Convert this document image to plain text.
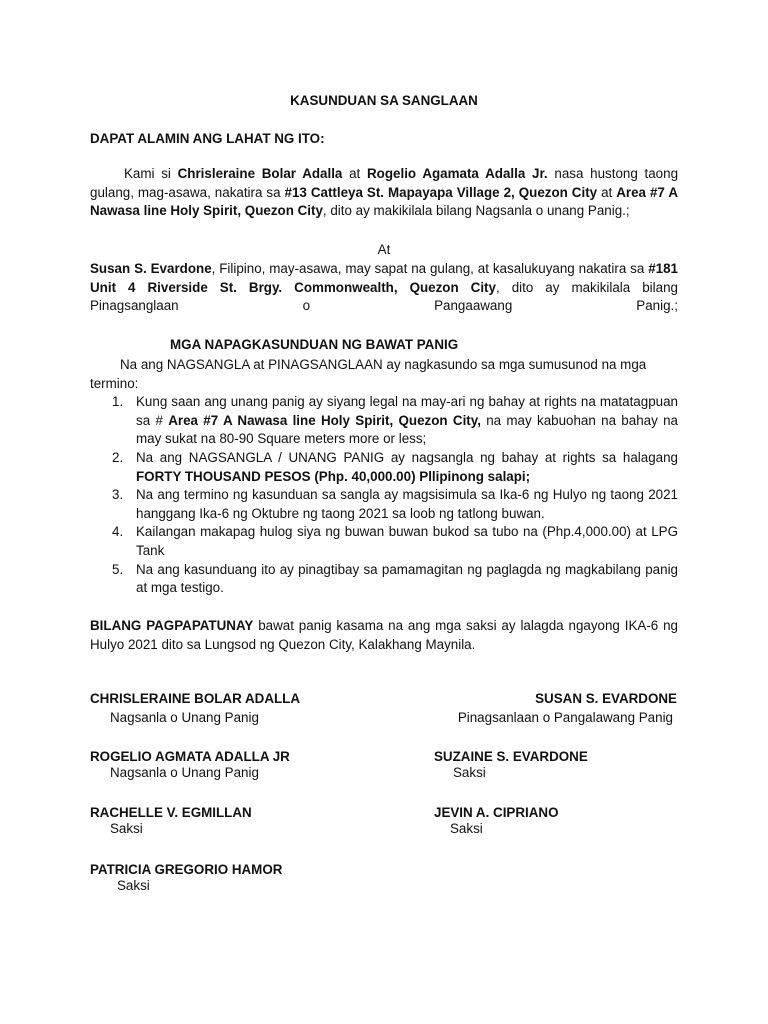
KASUNDUAN SA SANGLAAN
DAPAT ALAMIN ANG LAHAT NG ITO:
Kami si Chrisleraine Bolar Adalla at Rogelio Agamata Adalla Jr. nasa hustong taong gulang, mag-asawa, nakatira sa #13 Cattleya St. Mapayapa Village 2, Quezon City at Area #7 A Nawasa line Holy Spirit, Quezon City, dito ay makikilala bilang Nagsanla o unang Panig.;
At
Susan S. Evardone, Filipino, may-asawa, may sapat na gulang, at kasalukuyang nakatira sa #181 Unit 4 Riverside St. Brgy. Commonwealth, Quezon City, dito ay makikilala bilang Pinagsanglaan o Pangaawang Panig.;
MGA NAPAGKASUNDUAN NG BAWAT PANIG
Na ang NAGSANGLA at PINAGSANGLAAN ay nagkasundo sa mga sumusunod na mga
termino:
1. Kung saan ang unang panig ay siyang legal na may-ari ng bahay at rights na matatagpuan sa # Area #7 A Nawasa line Holy Spirit, Quezon City, na may kabuohan na bahay na may sukat na 80-90 Square meters more or less;
2. Na ang NAGSANGLA / UNANG PANIG ay nagsangla ng bahay at rights sa halagang FORTY THOUSAND PESOS (Php. 40,000.00) Pllipinong salapi;
3. Na ang termino ng kasunduan sa sangla ay magsisimula sa Ika-6 ng Hulyo ng taong 2021 hanggang Ika-6 ng Oktubre ng taong 2021 sa loob ng tatlong buwan.
4. Kailangan makapag hulog siya ng buwan buwan bukod sa tubo na (Php.4,000.00) at LPG Tank
5. Na ang kasunduang ito ay pinagtibay sa pamamagitan ng paglagda ng magkabilang panig at mga testigo.
BILANG PAGPAPATUNAY bawat panig kasama na ang mga saksi ay lalagda ngayong IKA-6 ng Hulyo 2021 dito sa Lungsod ng Quezon City, Kalakhang Maynila.
CHRISLERAINE BOLAR ADALLA
Nagsanla o Unang Panig
SUSAN S. EVARDONE
Pinagsanlaan o Pangalawang Panig
ROGELIO AGMATA ADALLA JR
Nagsanla o Unang Panig
SUZAINE S. EVARDONE
Saksi
RACHELLE V. EGMILLAN
Saksi
JEVIN A. CIPRIANO
Saksi
PATRICIA GREGORIO HAMOR
Saksi
